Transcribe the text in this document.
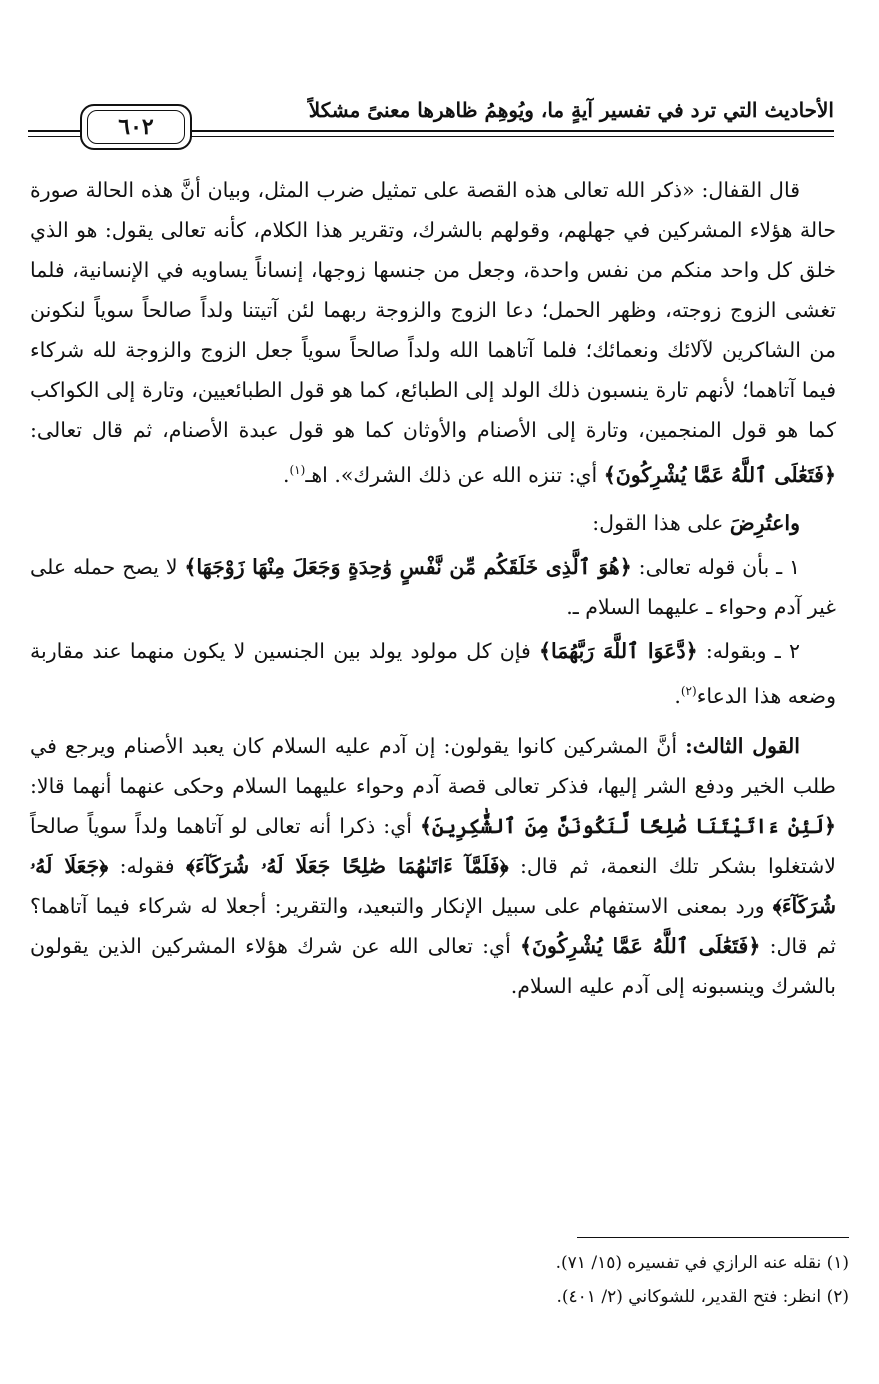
الأحاديث التي ترد في تفسير آيةٍ ما، ويُوهِمُ ظاهرها معنىً مشكلاً
٦٠٢

قال القفال: «ذكر الله تعالى هذه القصة على تمثيل ضرب المثل، وبيان أنَّ هذه الحالة صورة حالة هؤلاء المشركين في جهلهم، وقولهم بالشرك، وتقرير هذا الكلام، كأنه تعالى يقول: هو الذي خلق كل واحد منكم من نفس واحدة، وجعل من جنسها زوجها، إنساناً يساويه في الإنسانية، فلما تغشى الزوج زوجته، وظهر الحمل؛ دعا الزوج والزوجة ربهما لئن آتيتنا ولداً صالحاً سوياً لنكونن من الشاكرين لآلائك ونعمائك؛ فلما آتاهما الله ولداً صالحاً سوياً جعل الزوج والزوجة لله شركاء فيما آتاهما؛ لأنهم تارة ينسبون ذلك الولد إلى الطبائع، كما هو قول الطبائعيين، وتارة إلى الكواكب كما هو قول المنجمين، وتارة إلى الأصنام والأوثان كما هو قول عبدة الأصنام، ثم قال تعالى: ﴿فَتَعَٰلَى ٱللَّهُ عَمَّا يُشْرِكُونَ﴾ أي: تنزه الله عن ذلك الشرك». اهـ$^{(١)}$.

واعتُرِضَ على هذا القول:

١ ـ بأن قوله تعالى: ﴿هُوَ ٱلَّذِى خَلَقَكُم مِّن نَّفْسٍ وَٰحِدَةٍ وَجَعَلَ مِنْهَا زَوْجَهَا﴾ لا يصح حمله على غير آدم وحواء ـ عليهما السلام ـ.

٢ ـ وبقوله: ﴿دَّعَوَا ٱللَّهَ رَبَّهُمَا﴾ فإن كل مولود يولد بين الجنسين لا يكون منهما عند مقاربة وضعه هذا الدعاء$^{(٢)}$.

القول الثالث: أنَّ المشركين كانوا يقولون: إن آدم عليه السلام كان يعبد الأصنام ويرجع في طلب الخير ودفع الشر إليها، فذكر تعالى قصة آدم وحواء عليهما السلام وحكى عنهما أنهما قالا: ﴿لَئِنْ ءَاتَيْتَنَا صَٰلِحًا لَّنَكُونَنَّ مِنَ ٱلشَّٰكِرِينَ﴾ أي: ذكرا أنه تعالى لو آتاهما ولداً سوياً صالحاً لاشتغلوا بشكر تلك النعمة، ثم قال: ﴿فَلَمَّآ ءَاتَىٰهُمَا صَٰلِحًا جَعَلَا لَهُۥ شُرَكَآءَ﴾ فقوله: ﴿جَعَلَا لَهُۥ شُرَكَآءَ﴾ ورد بمعنى الاستفهام على سبيل الإنكار والتبعيد، والتقرير: أجعلا له شركاء فيما آتاهما؟ ثم قال: ﴿فَتَعَٰلَى ٱللَّهُ عَمَّا يُشْرِكُونَ﴾ أي: تعالى الله عن شرك هؤلاء المشركين الذين يقولون بالشرك وينسبونه إلى آدم عليه السلام.

(١) نقله عنه الرازي في تفسيره (١٥/ ٧١).

(٢) انظر: فتح القدير، للشوكاني (٢/ ٤٠١).
